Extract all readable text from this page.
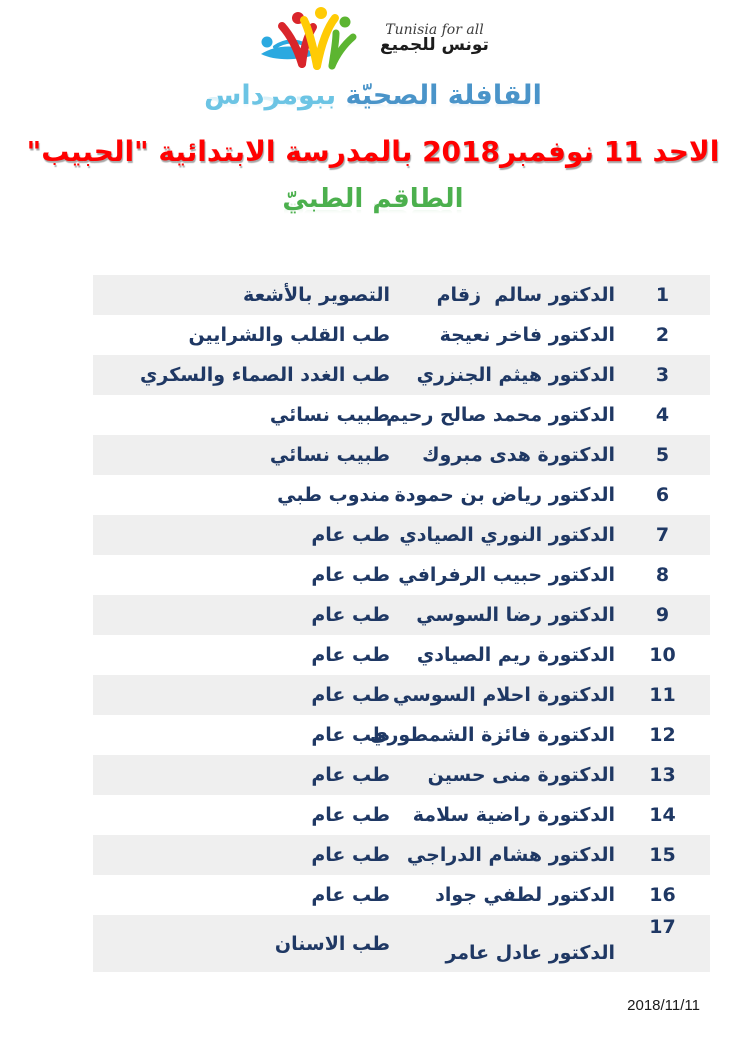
Tunisia for all
تونس للجميع
القافلة الصحيّة ببومرداس
الاحد 11 نوفمبر2018 بالمدرسة الابتدائية "الحبيب"
الطاقم الطبيّ
1
الدكتور سالم  زقام
التصوير بالأشعة
2
الدكتور فاخر نعيجة
طب القلب والشرايين
3
الدكتور هيثم الجنزري
طب الغدد الصماء والسكري
4
الدكتور محمد صالح رحيم
طبيب نسائي
5
الدكتورة هدى مبروك
طبيب نسائي
6
الدكتور رياض بن حمودة
مندوب طبي
7
الدكتور النوري الصيادي
طب عام
8
الدكتور حبيب الرفرافي
طب عام
9
الدكتور رضا السوسي
طب عام
10
الدكتورة ريم الصيادي
طب عام
11
الدكتورة احلام السوسي
طب عام
12
الدكتورة فائزة الشمطوري
طب عام
13
الدكتورة منى حسين
طب عام
14
الدكتورة راضية سلامة
طب عام
15
الدكتور هشام الدراجي
طب عام
16
الدكتور لطفي جواد
طب عام
17
الدكتور عادل عامر
طب الاسنان
2018/11/11
